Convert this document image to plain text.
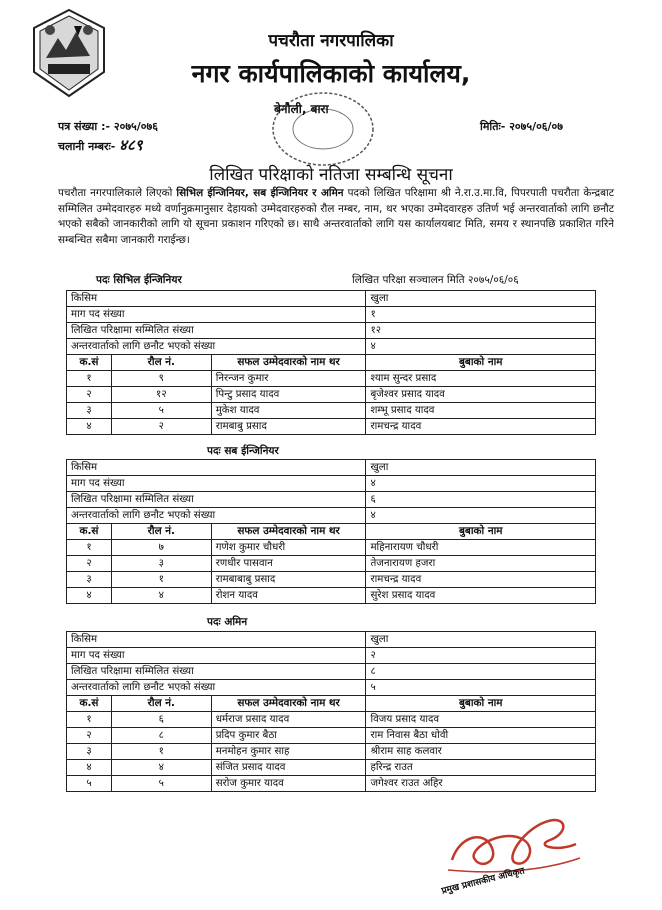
पचरौता नगरपालिका
नगर कार्यपालिकाको कार्यालय,
बेनौली, बारा
पत्र संख्या :- २०७५/०७६
चलानी नम्बरः- ४८९
मितिः- २०७५/०६/०७
लिखित परिक्षाको नतिजा सम्बन्धि सूचना
पचरौता नगरपालिकाले लिएको सिभिल ईन्जिनियर, सब ईन्जिनियर र अमिन पदको लिखित परिक्षामा श्री ने.रा.उ.मा.वि, पिपरपाती पचरौता केन्द्रबाट सम्मिलित उम्मेदवारहरु मध्ये वर्णानुक्रमानुसार देहायको उम्मेदवारहरुको रौल नम्बर, नाम, थर भएका उम्मेदवारहरु उतिर्ण भई अन्तरवार्ताको लागि छनौट भएको सबैको जानकारीको लागि यो सूचना प्रकाशन गरिएको छ। साथै अन्तरवार्ताको लागि यस कार्यालयबाट मिति, समय र स्थानपछि प्रकाशित गरिने सम्बन्धित सबैमा जानकारी गराईन्छ।
पदः सिभिल ईन्जिनियर	लिखित परिक्षा सञ्चालन मिति २०७५/०६/०६
किसिम			खुला
माग पद संख्या			१
लिखित परिक्षामा सम्मिलित संख्या			१२
अन्तरवार्ताको लागि छनौट भएको संख्या			४
क.सं	रौल नं.	सफल उम्मेदवारको नाम थर	बुबाको नाम
१	९	निरन्जन कुमार	श्याम सुन्दर प्रसाद
२	१२	पिन्टु प्रसाद यादव	बृजेश्वर प्रसाद यादव
३	५	मुकेश यादव	शम्भू प्रसाद यादव
४	२	रामबाबु प्रसाद	रामचन्द्र यादव
पदः सब ईन्जिनियर
किसिम			खुला
माग पद संख्या			४
लिखित परिक्षामा सम्मिलित संख्या			६
अन्तरवार्ताको लागि छनौट भएको संख्या			४
क.सं	रौल नं.	सफल उम्मेदवारको नाम थर	बुबाको नाम
१	७	गणेश कुमार चौधरी	महिनारायण चौधरी
२	३	रणधीर पासवान	तेजनारायण हजरा
३	१	रामबाबाबु प्रसाद	रामचन्द्र यादव
४	४	रोशन यादव	सुरेश प्रसाद यादव
पदः अमिन
किसिम			खुला
माग पद संख्या			२
लिखित परिक्षामा सम्मिलित संख्या			८
अन्तरवार्ताको लागि छनौट भएको संख्या			५
क.सं	रौल नं.	सफल उम्मेदवारको नाम थर	बुबाको नाम
१	६	धर्मराज प्रसाद यादव	विजय प्रसाद यादव
२	८	प्रदिप कुमार बैठा	राम निवास बैठा धोवी
३	१	मनमोहन कुमार साह	श्रीराम साह कलवार
४	४	संजित प्रसाद यादव	हरिन्द्र राउत
५	५	सरोज कुमार यादव	जगेश्वर राउत अहिर
प्रमुख प्रशासकीय अधिकृत
